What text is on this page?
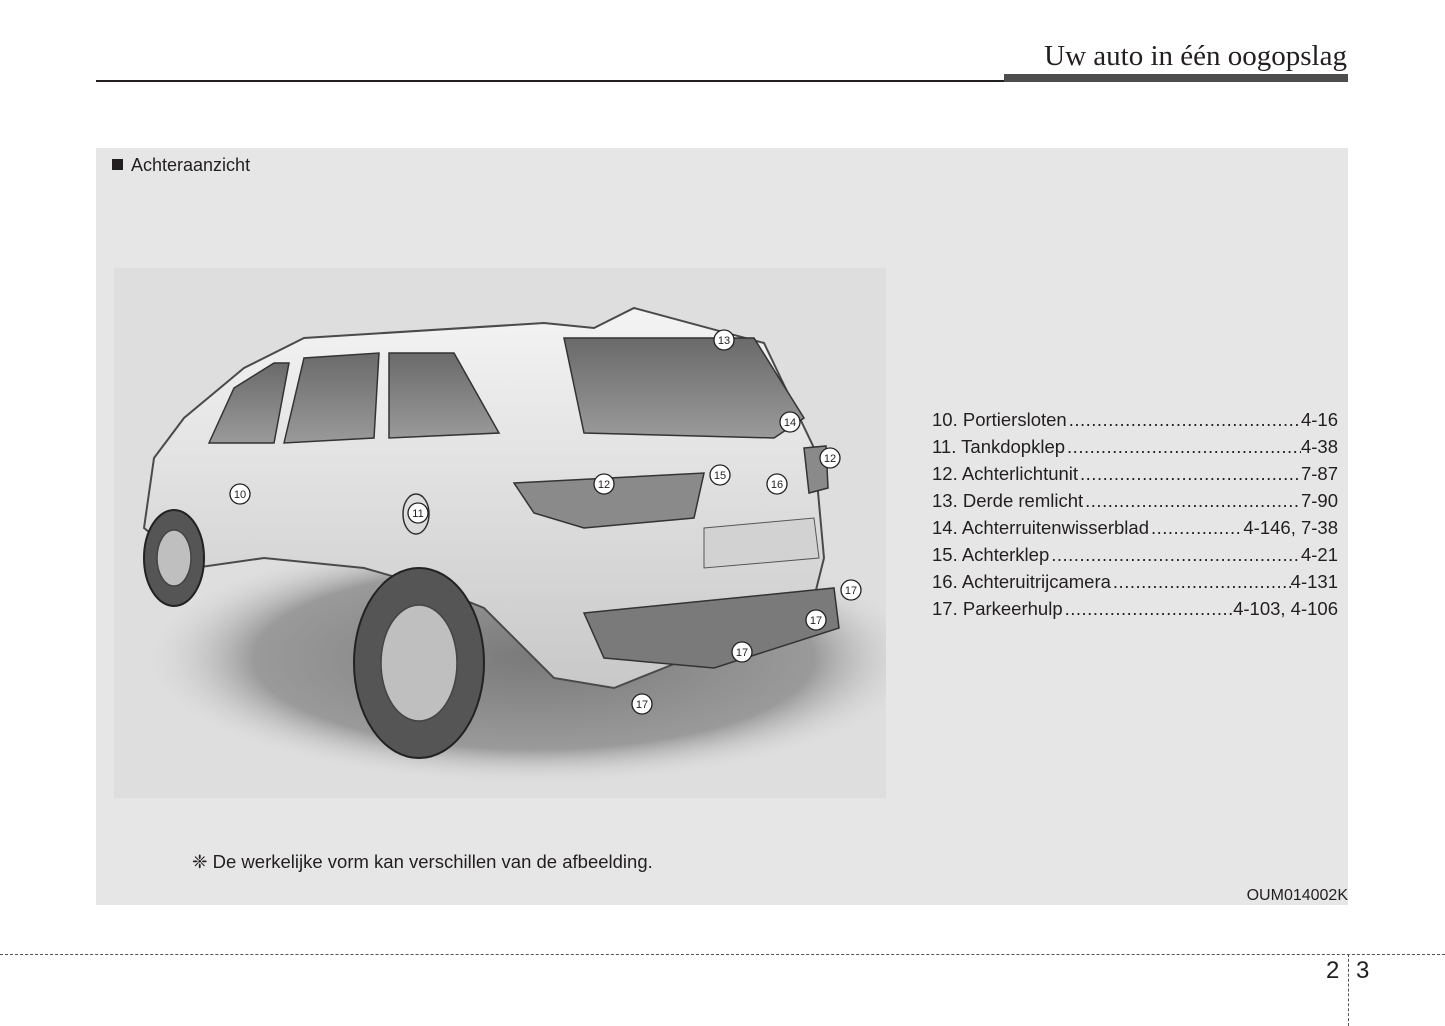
Uw auto in één oogopslag
Achteraanzicht
13
14
12
12
15
16
10
11
17
17
17
17
10. Portiersloten .....	4-16
11. Tankdopklep .....	4-38
12. Achterlichtunit .....	7-87
13. Derde remlicht .....	7-90
14. Achterruitenwisserblad .....	4-146, 7-38
15. Achterklep .....	4-21
16. Achteruitrijcamera .....	4-131
17. Parkeerhulp .....	4-103, 4-106
❈ De werkelijke vorm kan verschillen van de afbeelding.
OUM014002K
2 3
